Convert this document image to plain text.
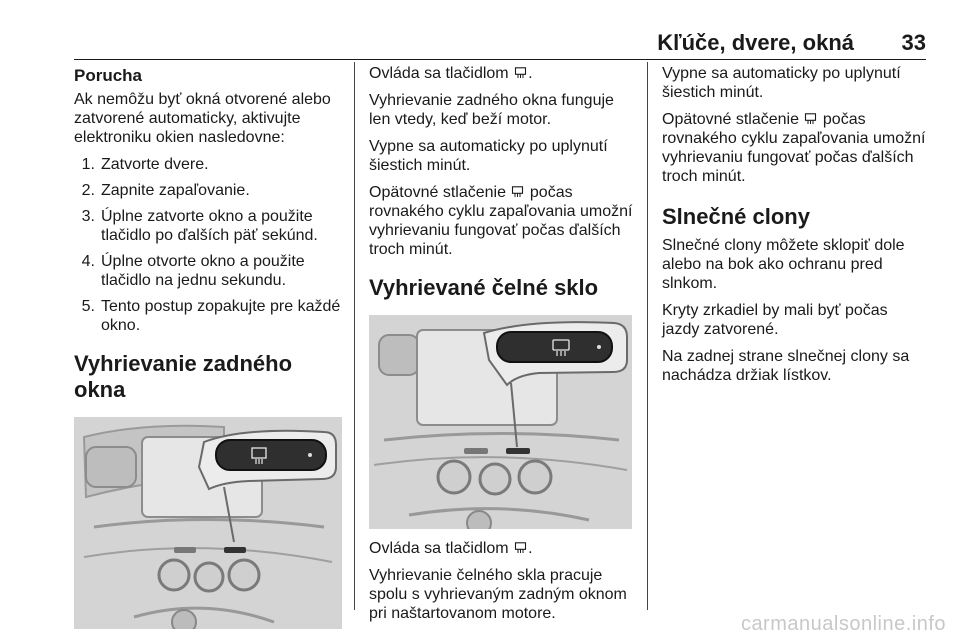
Kľúče, dvere, okná 33
Porucha

Ak nemôžu byť okná otvorené alebo zatvorené automaticky, aktivujte elektroniku okien nasledovne:

1. Zatvorte dvere.
2. Zapnite zapaľovanie.
3. Úplne zatvorte okno a použite tlačidlo po ďalších päť sekúnd.
4. Úplne otvorte okno a použite tlačidlo na jednu sekundu.
5. Tento postup zopakujte pre každé okno.
Vyhrievanie zadného okna

Ovláda sa tlačidlom .

Vyhrievanie zadného okna funguje len vtedy, keď beží motor.

Vypne sa automaticky po uplynutí šiestich minút.

Opätovné stlačenie počas rovnakého cyklu zapaľovania umožní vyhrievaniu fungovať počas ďalších troch minút.

Vyhrievané čelné sklo

Ovláda sa tlačidlom .

Vyhrievanie čelného skla pracuje spolu s vyhrievaným zadným oknom pri naštartovanom motore.

Vypne sa automaticky po uplynutí šiestich minút.

Opätovné stlačenie počas rovnakého cyklu zapaľovania umožní vyhrievaniu fungovať počas ďalších troch minút.

Slnečné clony

Slnečné clony môžete sklopiť dole alebo na bok ako ochranu pred slnkom.

Kryty zrkadiel by mali byť počas jazdy zatvorené.

Na zadnej strane slnečnej clony sa nachádza držiak lístkov.

carmanualsonline.info
